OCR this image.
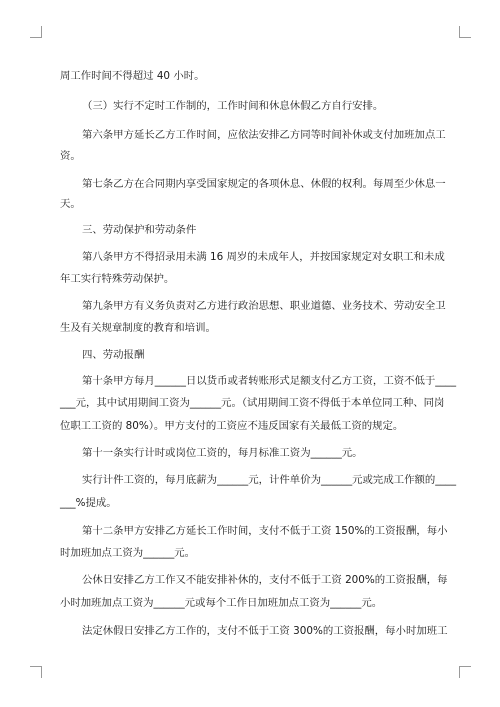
周工作时间不得超过 40 小时。
（三）实行不定时工作制的，工作时间和休息休假乙方自行安排。
第六条甲方延长乙方工作时间，应依法安排乙方同等时间补休或支付加班加点工
资。
第七条乙方在合同期内享受国家规定的各项休息、休假的权利。每周至少休息一
天。
三、劳动保护和劳动条件
第八条甲方不得招录用未满 16 周岁的未成年人，并按国家规定对女职工和未成
年工实行特殊劳动保护。
第九条甲方有义务负责对乙方进行政治思想、职业道德、业务技术、劳动安全卫
生及有关规章制度的教育和培训。
四、劳动报酬
第十条甲方每月______日以货币或者转账形式足额支付乙方工资，工资不低于____
___元，其中试用期间工资为______元。（试用期间工资不得低于本单位同工种、同岗
位职工工资的 80%）。甲方支付的工资应不违反国家有关最低工资的规定。
第十一条实行计时或岗位工资的，每月标准工资为______元。
实行计件工资的，每月底薪为______元，计件单价为______元或完成工作额的____
___%提成。
第十二条甲方安排乙方延长工作时间，支付不低于工资 150%的工资报酬，每小
时加班加点工资为______元。
公休日安排乙方工作又不能安排补休的，支付不低于工资 200%的工资报酬，每
小时加班加点工资为______元或每个工作日加班加点工资为______元。
法定休假日安排乙方工作的，支付不低于工资 300%的工资报酬，每小时加班工
